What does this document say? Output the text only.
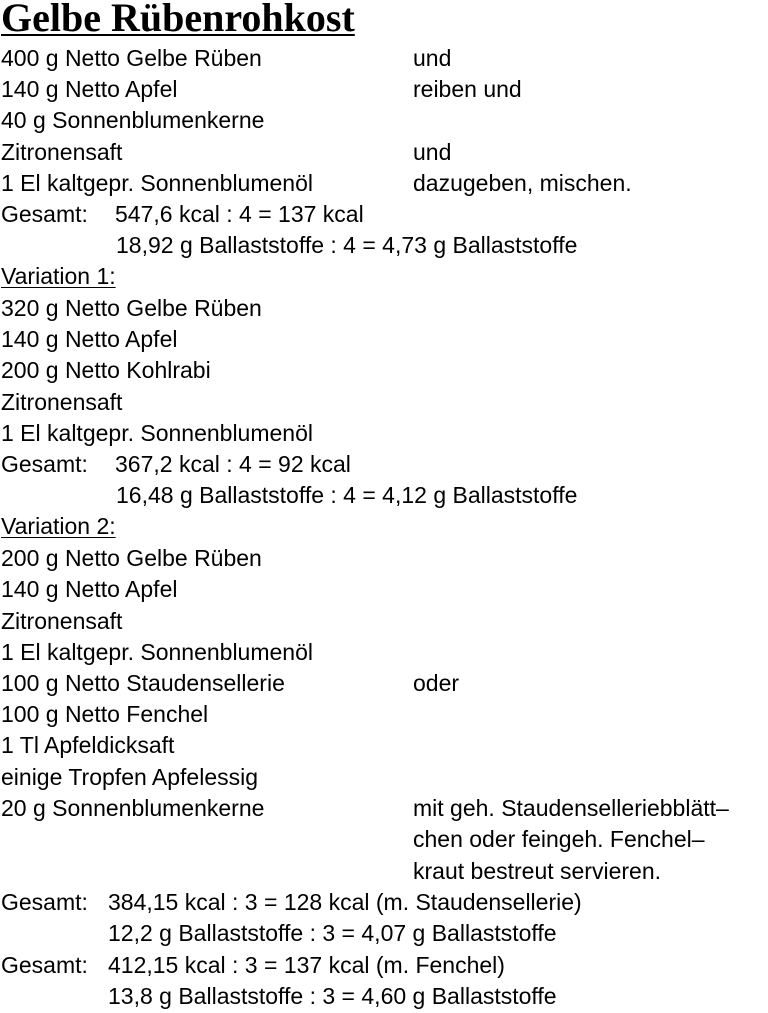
Gelbe Rübenrohkost
400 g Netto Gelbe Rüben	und
140 g Netto Apfel	reiben und
40 g Sonnenblumenkerne
Zitronensaft	und
1 El kaltgepr. Sonnenblumenöl	dazugeben, mischen.
Gesamt: 547,6 kcal : 4 = 137 kcal
18,92 g Ballaststoffe : 4 = 4,73 g Ballaststoffe
Variation 1:
320 g Netto Gelbe Rüben
140 g Netto Apfel
200 g Netto Kohlrabi
Zitronensaft
1 El kaltgepr. Sonnenblumenöl
Gesamt: 367,2 kcal : 4 = 92 kcal
16,48 g Ballaststoffe : 4 = 4,12 g Ballaststoffe
Variation 2:
200 g Netto Gelbe Rüben
140 g Netto Apfel
Zitronensaft
1 El kaltgepr. Sonnenblumenöl
100 g Netto Staudensellerie	oder
100 g Netto Fenchel
1 Tl Apfeldicksaft
einige Tropfen Apfelessig
20 g Sonnenblumenkerne	mit geh. Staudenselleriebblätt–
chen oder feingeh. Fenchel–
kraut bestreut servieren.
Gesamt: 384,15 kcal : 3 = 128 kcal (m. Staudensellerie)
12,2 g Ballaststoffe : 3 = 4,07 g Ballaststoffe
Gesamt: 412,15 kcal : 3 = 137 kcal (m. Fenchel)
13,8 g Ballaststoffe : 3 = 4,60 g Ballaststoffe
